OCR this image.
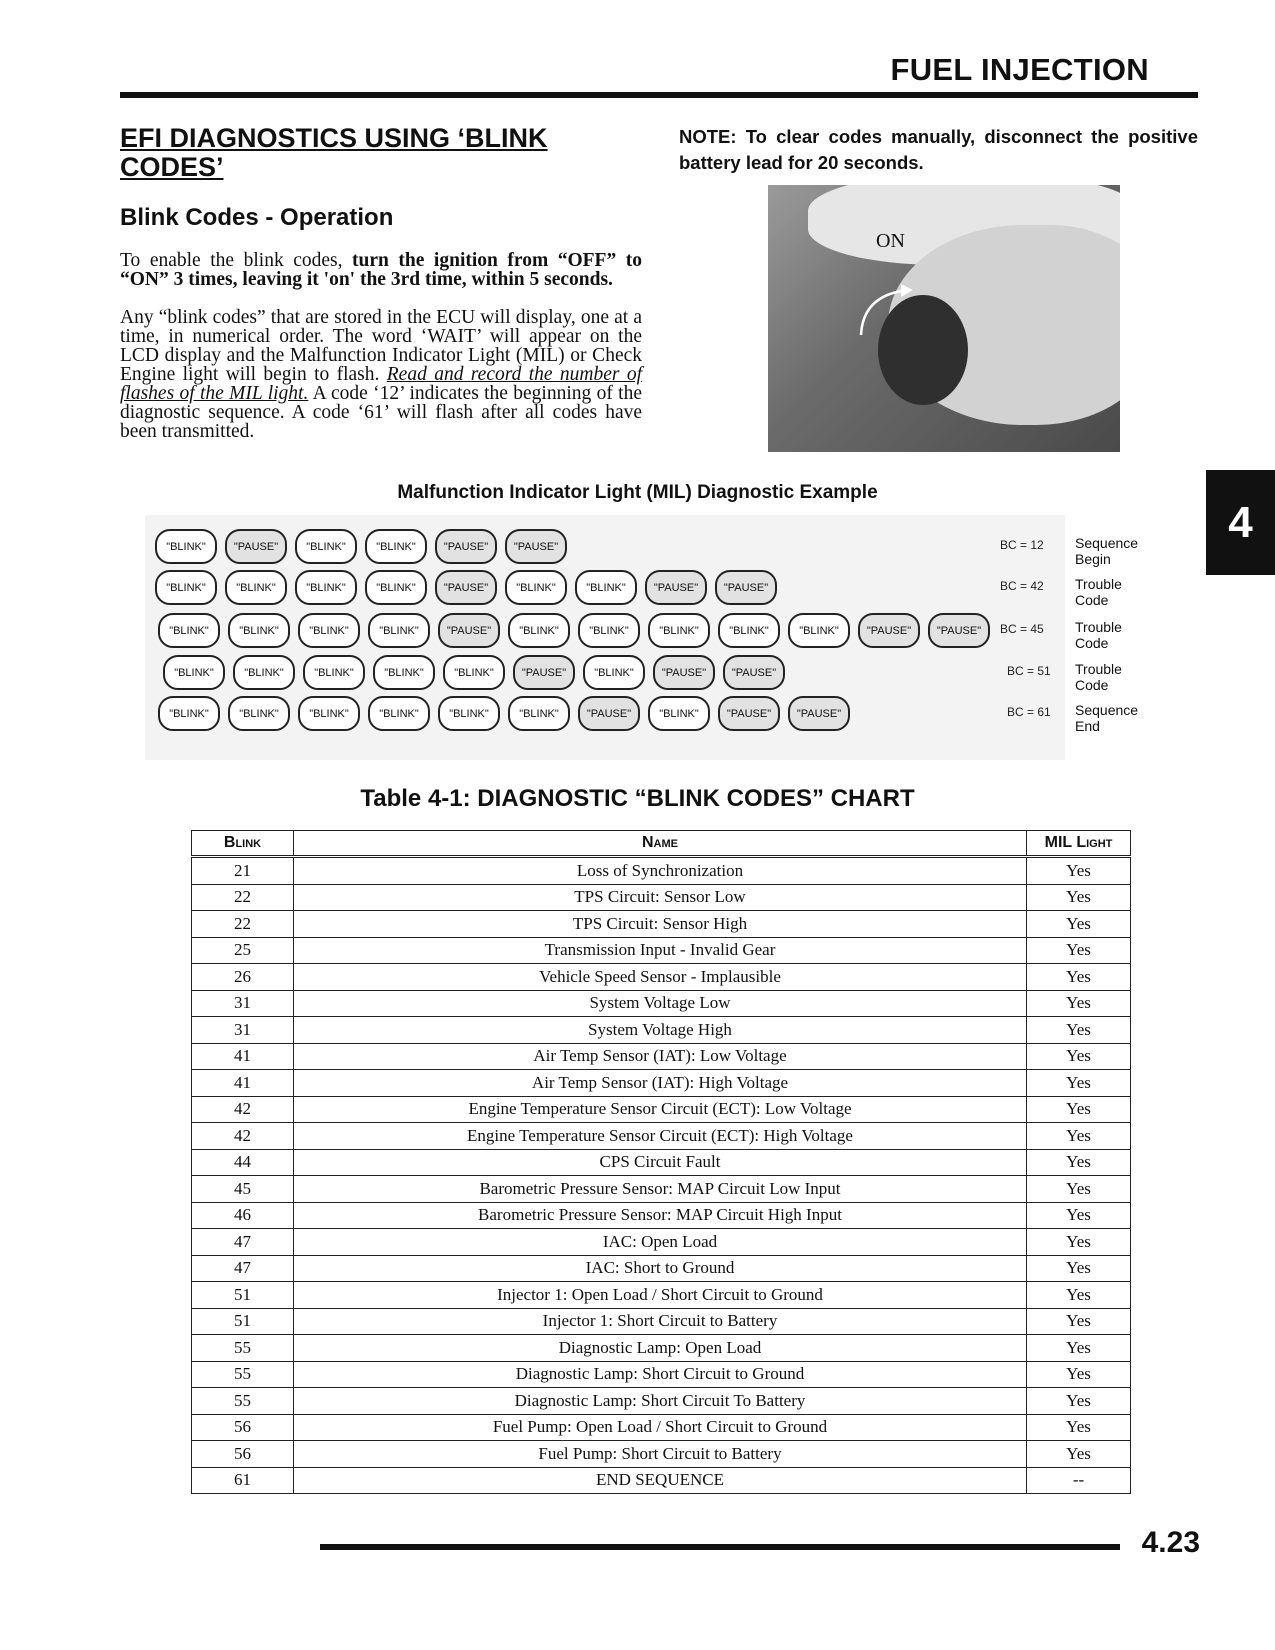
FUEL INJECTION
4
EFI DIAGNOSTICS USING ‘BLINK CODES’
Blink Codes - Operation
To enable the blink codes, turn the ignition from “OFF” to “ON” 3 times, leaving it 'on' the 3rd time, within 5 seconds.
Any “blink codes” that are stored in the ECU will display, one at a time, in numerical order. The word ‘WAIT’ will appear on the LCD display and the Malfunction Indicator Light (MIL) or Check Engine light will begin to flash. Read and record the number of flashes of the MIL light. A code ‘12’ indicates the beginning of the diagnostic sequence. A code ‘61’ will flash after all codes have been transmitted.
NOTE: To clear codes manually, disconnect the positive battery lead for 20 seconds.
ON
Malfunction Indicator Light (MIL) Diagnostic Example
"BLINK"	"PAUSE"	"BLINK"	"BLINK"	"PAUSE"	"PAUSE"	BC = 12 Sequence Begin
"BLINK"	"BLINK"	"BLINK"	"BLINK"	"PAUSE"	"BLINK"	"BLINK"	"PAUSE"	"PAUSE"	BC = 42 Trouble Code
"BLINK"	"BLINK"	"BLINK"	"BLINK"	"PAUSE"	"BLINK"	"BLINK"	"BLINK"	"BLINK"	"BLINK"	"PAUSE"	"PAUSE"	BC = 45 Trouble Code
"BLINK"	"BLINK"	"BLINK"	"BLINK"	"BLINK"	"PAUSE"	"BLINK"	"PAUSE"	"PAUSE"	BC = 51 Trouble Code
"BLINK"	"BLINK"	"BLINK"	"BLINK"	"BLINK"	"BLINK"	"PAUSE"	"BLINK"	"PAUSE"	"PAUSE"	BC = 61 Sequence End
Table 4-1: DIAGNOSTIC “BLINK CODES” CHART
Blink	Name	MIL Light
21	Loss of Synchronization	Yes
22	TPS Circuit: Sensor Low	Yes
22	TPS Circuit: Sensor High	Yes
25	Transmission Input - Invalid Gear	Yes
26	Vehicle Speed Sensor - Implausible	Yes
31	System Voltage Low	Yes
31	System Voltage High	Yes
41	Air Temp Sensor (IAT): Low Voltage	Yes
41	Air Temp Sensor (IAT): High Voltage	Yes
42	Engine Temperature Sensor Circuit (ECT): Low Voltage	Yes
42	Engine Temperature Sensor Circuit (ECT): High Voltage	Yes
44	CPS Circuit Fault	Yes
45	Barometric Pressure Sensor: MAP Circuit Low Input	Yes
46	Barometric Pressure Sensor: MAP Circuit High Input	Yes
47	IAC: Open Load	Yes
47	IAC: Short to Ground	Yes
51	Injector 1: Open Load / Short Circuit to Ground	Yes
51	Injector 1: Short Circuit to Battery	Yes
55	Diagnostic Lamp: Open Load	Yes
55	Diagnostic Lamp: Short Circuit to Ground	Yes
55	Diagnostic Lamp: Short Circuit To Battery	Yes
56	Fuel Pump: Open Load / Short Circuit to Ground	Yes
56	Fuel Pump: Short Circuit to Battery	Yes
61	END SEQUENCE	--
4.23
